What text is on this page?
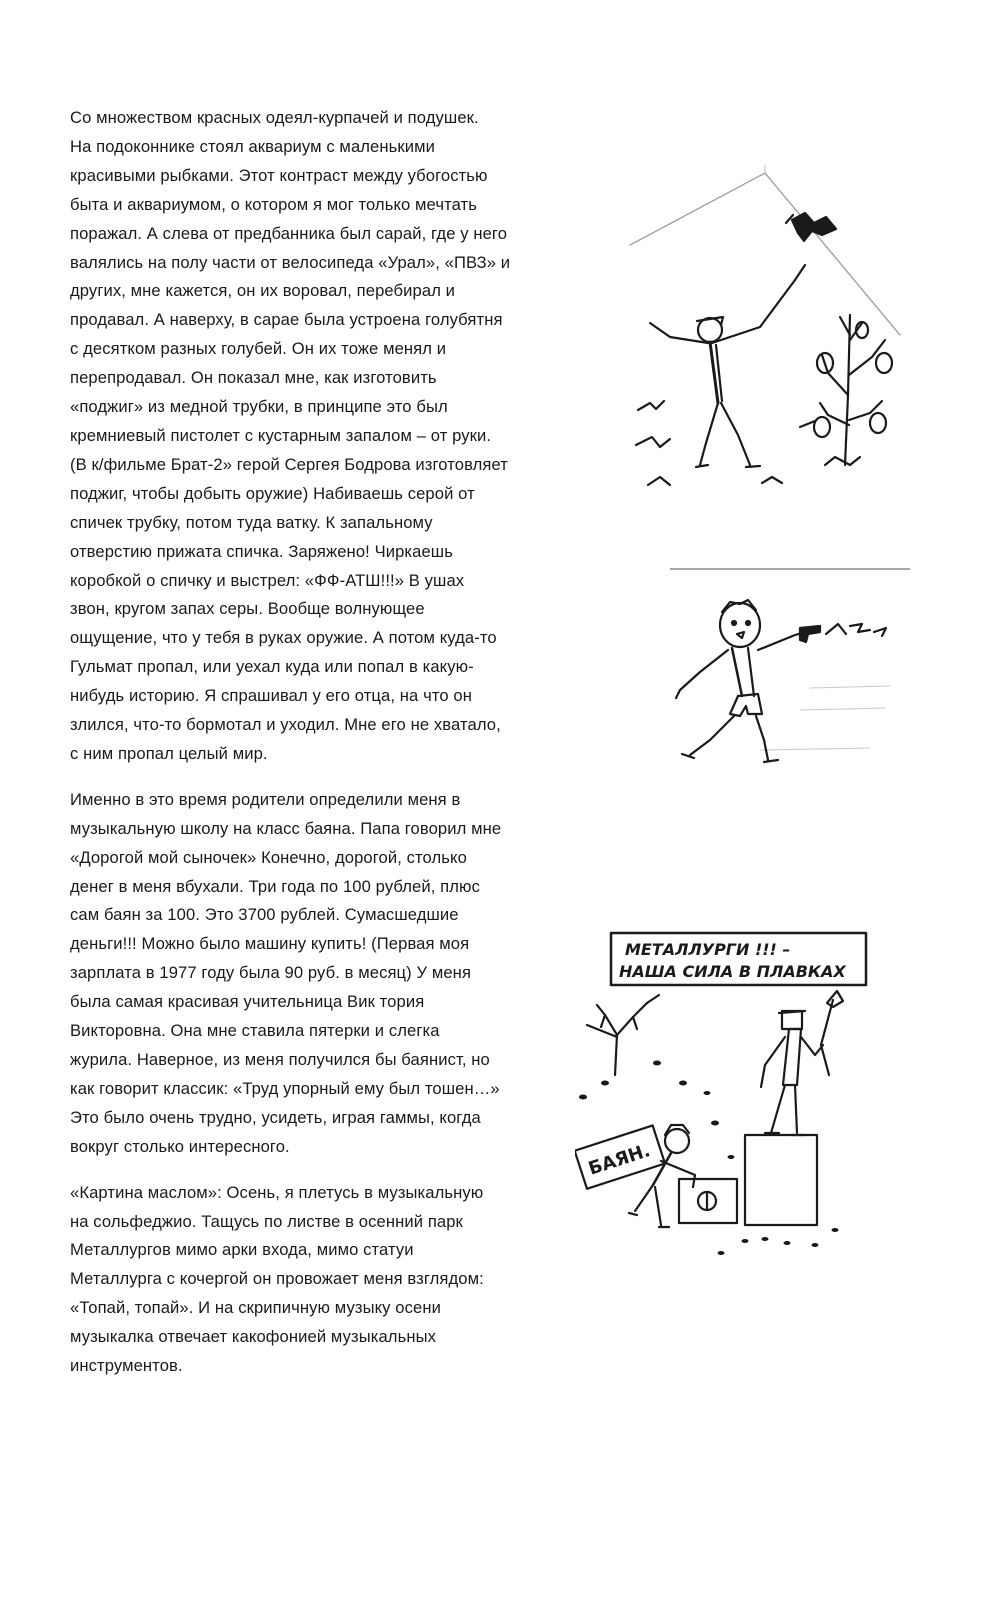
Со множеством красных одеял-курпачей и подушек.
На подоконнике стоял аквариум с маленькими
красивыми рыбками. Этот контраст между убогостью
быта и аквариумом, о котором я мог только мечтать
поражал. А слева от предбанника был сарай, где у него
валялись на полу части от велосипеда «Урал», «ПВЗ» и
других, мне кажется, он их воровал, перебирал и
продавал. А наверху, в сарае была устроена голубятня
с десятком разных голубей. Он их тоже менял и
перепродавал. Он показал мне, как изготовить
«поджиг» из медной трубки, в принципе это был
кремниевый пистолет с кустарным запалом – от руки.
(В к/фильме Брат-2» герой Сергея Бодрова изготовляет
поджиг, чтобы добыть оружие) Набиваешь серой от
спичек трубку, потом туда ватку. К запальному
отверстию прижата спичка. Заряжено! Чиркаешь
коробкой о спичку и выстрел: «ФФ-АТШ!!!» В ушах
звон, кругом запах серы. Вообще волнующее
ощущение, что у тебя в руках оружие. А потом куда-то
Гульмат пропал, или уехал куда или попал в какую-
нибудь историю. Я спрашивал у его отца, на что он
злился, что-то бормотал и уходил. Мне его не хватало,
с ним пропал целый мир.

Именно в это время родители определили меня в
музыкальную школу на класс баяна. Папа говорил мне
«Дорогой мой сыночек» Конечно, дорогой, столько
денег в меня вбухали. Три года по 100 рублей, плюс
сам баян за 100. Это 3700 рублей. Сумасшедшие
деньги!!! Можно было машину купить! (Первая моя
зарплата в 1977 году была 90 руб. в месяц) У меня
была самая красивая учительница Вик тория
Викторовна. Она мне ставила пятерки и слегка
журила. Наверное, из меня получился бы баянист, но
как говорит классик: «Труд упорный ему был тошен…»
Это было очень трудно, усидеть, играя гаммы, когда
вокруг столько интересного.

«Картина маслом»: Осень, я плетусь в музыкальную
на сольфеджио. Тащусь по листве в осенний парк
Металлургов мимо арки входа, мимо статуи
Металлурга с кочергой он провожает меня взглядом:
«Топай, топай». И на скрипичную музыку осени
музыкалка отвечает какофонией музыкальных
инструментов.

МЕТАЛЛУРГИ !!! –
НАША СИЛА В ПЛАВКАХ
БАЯН.
